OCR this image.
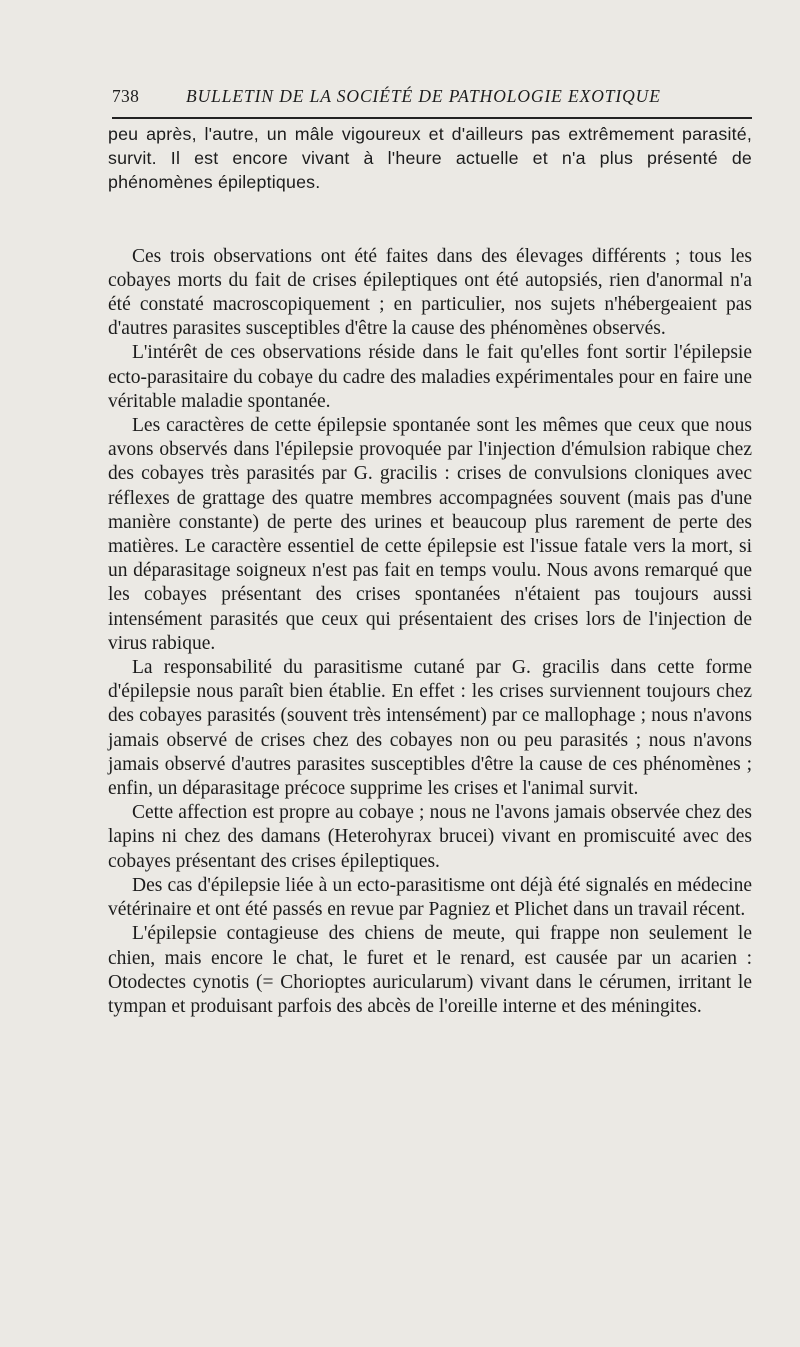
738	BULLETIN DE LA SOCIÉTÉ DE PATHOLOGIE EXOTIQUE

peu après, l'autre, un mâle vigoureux et d'ailleurs pas extrêmement parasité, survit. Il est encore vivant à l'heure actuelle et n'a plus présenté de phénomènes épileptiques.

Ces trois observations ont été faites dans des élevages différents ; tous les cobayes morts du fait de crises épileptiques ont été autopsiés, rien d'anormal n'a été constaté macroscopiquement ; en particulier, nos sujets n'hébergeaient pas d'autres parasites susceptibles d'être la cause des phénomènes observés.

L'intérêt de ces observations réside dans le fait qu'elles font sortir l'épilepsie ecto-parasitaire du cobaye du cadre des maladies expérimentales pour en faire une véritable maladie spontanée.

Les caractères de cette épilepsie spontanée sont les mêmes que ceux que nous avons observés dans l'épilepsie provoquée par l'injection d'émulsion rabique chez des cobayes très parasités par G. gracilis : crises de convulsions cloniques avec réflexes de grattage des quatre membres accompagnées souvent (mais pas d'une manière constante) de perte des urines et beaucoup plus rarement de perte des matières. Le caractère essentiel de cette épilepsie est l'issue fatale vers la mort, si un déparasitage soigneux n'est pas fait en temps voulu. Nous avons remarqué que les cobayes présentant des crises spontanées n'étaient pas toujours aussi intensément parasités que ceux qui présentaient des crises lors de l'injection de virus rabique.

La responsabilité du parasitisme cutané par G. gracilis dans cette forme d'épilepsie nous paraît bien établie. En effet : les crises surviennent toujours chez des cobayes parasités (souvent très intensément) par ce mallophage ; nous n'avons jamais observé de crises chez des cobayes non ou peu parasités ; nous n'avons jamais observé d'autres parasites susceptibles d'être la cause de ces phénomènes ; enfin, un déparasitage précoce supprime les crises et l'animal survit.

Cette affection est propre au cobaye ; nous ne l'avons jamais observée chez des lapins ni chez des damans (Heterohyrax brucei) vivant en promiscuité avec des cobayes présentant des crises épileptiques.

Des cas d'épilepsie liée à un ecto-parasitisme ont déjà été signalés en médecine vétérinaire et ont été passés en revue par Pagniez et Plichet dans un travail récent.

L'épilepsie contagieuse des chiens de meute, qui frappe non seulement le chien, mais encore le chat, le furet et le renard, est causée par un acarien : Otodectes cynotis (= Chorioptes auricularum) vivant dans le cérumen, irritant le tympan et produisant parfois des abcès de l'oreille interne et des méningites.
